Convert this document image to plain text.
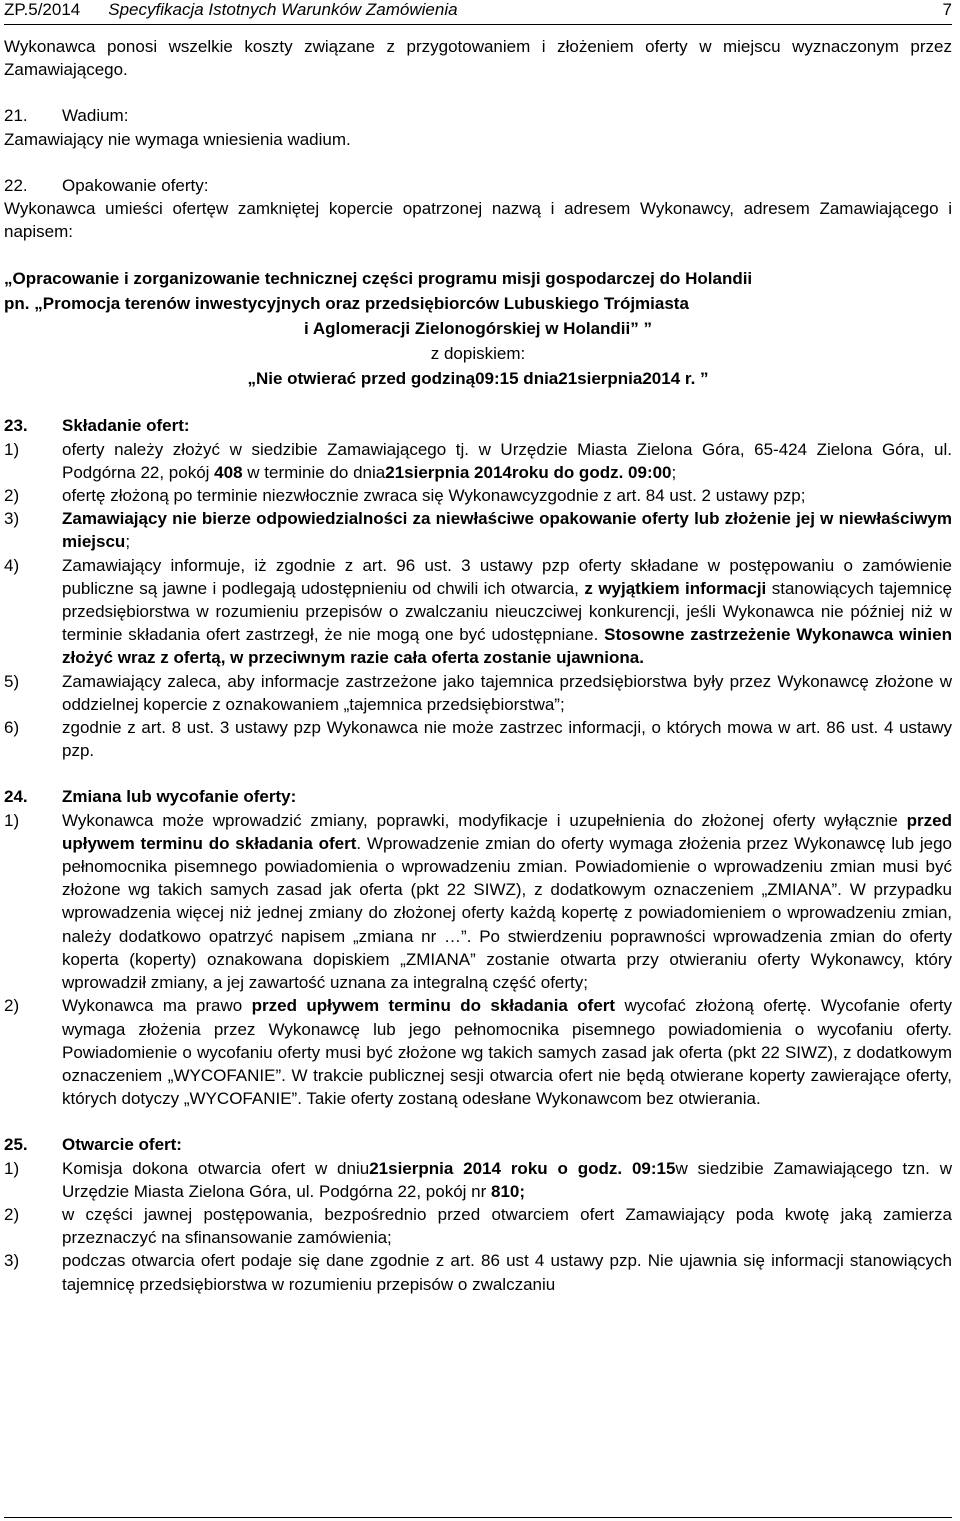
ZP.5/2014 Specyfikacja Istotnych Warunków Zamówienia	7

Wykonawca ponosi wszelkie koszty związane z przygotowaniem i złożeniem oferty w miejscu wyznaczonym przez Zamawiającego.

21.	Wadium:

Zamawiający nie wymaga wniesienia wadium.

22.	Opakowanie oferty:

Wykonawca umieści ofertęw zamkniętej kopercie opatrzonej nazwą i adresem Wykonawcy, adresem Zamawiającego i napisem:

„Opracowanie i zorganizowanie technicznej części programu misji gospodarczej do Holandii

pn. „Promocja terenów inwestycyjnych oraz przedsiębiorców Lubuskiego Trójmiasta

i Aglomeracji Zielonogórskiej w Holandii” ”

z dopiskiem:

„Nie otwierać przed godziną09:15 dnia21sierpnia2014 r. ”

23.	Składanie ofert:
1)	oferty należy złożyć w siedzibie Zamawiającego tj. w Urzędzie Miasta Zielona Góra, 65-424 Zielona Góra, ul. Podgórna 22, pokój 408 w terminie do dnia21sierpnia 2014roku do godz. 09:00;
2)	ofertę złożoną po terminie niezwłocznie zwraca się Wykonawcyzgodnie z art. 84 ust. 2 ustawy pzp;
3)	Zamawiający nie bierze odpowiedzialności za niewłaściwe opakowanie oferty lub złożenie jej w niewłaściwym miejscu;
4)	Zamawiający informuje, iż zgodnie z art. 96 ust. 3 ustawy pzp oferty składane w postępowaniu o zamówienie publiczne są jawne i podlegają udostępnieniu od chwili ich otwarcia, z wyjątkiem informacji stanowiących tajemnicę przedsiębiorstwa w rozumieniu przepisów o zwalczaniu nieuczciwej konkurencji, jeśli Wykonawca nie później niż w terminie składania ofert zastrzegł, że nie mogą one być udostępniane. Stosowne zastrzeżenie Wykonawca winien złożyć wraz z ofertą, w przeciwnym razie cała oferta zostanie ujawniona.
5)	Zamawiający zaleca, aby informacje zastrzeżone jako tajemnica przedsiębiorstwa były przez Wykonawcę złożone w oddzielnej kopercie z oznakowaniem „tajemnica przedsiębiorstwa”;
6)	zgodnie z art. 8 ust. 3 ustawy pzp Wykonawca nie może zastrzec informacji, o których mowa w art. 86 ust. 4 ustawy pzp.
24.	Zmiana lub wycofanie oferty:
1)	Wykonawca może wprowadzić zmiany, poprawki, modyfikacje i uzupełnienia do złożonej oferty wyłącznie przed upływem terminu do składania ofert. Wprowadzenie zmian do oferty wymaga złożenia przez Wykonawcę lub jego pełnomocnika pisemnego powiadomienia o wprowadzeniu zmian. Powiadomienie o wprowadzeniu zmian musi być złożone wg takich samych zasad jak oferta (pkt 22 SIWZ), z dodatkowym oznaczeniem „ZMIANA”. W przypadku wprowadzenia więcej niż jednej zmiany do złożonej oferty każdą kopertę z powiadomieniem o wprowadzeniu zmian, należy dodatkowo opatrzyć napisem „zmiana nr …”. Po stwierdzeniu poprawności wprowadzenia zmian do oferty koperta (koperty) oznakowana dopiskiem „ZMIANA” zostanie otwarta przy otwieraniu oferty Wykonawcy, który wprowadził zmiany, a jej zawartość uznana za integralną część oferty;
2)	Wykonawca ma prawo przed upływem terminu do składania ofert wycofać złożoną ofertę. Wycofanie oferty wymaga złożenia przez Wykonawcę lub jego pełnomocnika pisemnego powiadomienia o wycofaniu oferty. Powiadomienie o wycofaniu oferty musi być złożone wg takich samych zasad jak oferta (pkt 22 SIWZ), z dodatkowym oznaczeniem „WYCOFANIE”. W trakcie publicznej sesji otwarcia ofert nie będą otwierane koperty zawierające oferty, których dotyczy „WYCOFANIE”. Takie oferty zostaną odesłane Wykonawcom bez otwierania.
25.	Otwarcie ofert:
1)	Komisja dokona otwarcia ofert w dniu21sierpnia 2014 roku o godz. 09:15w siedzibie Zamawiającego tzn. w Urzędzie Miasta Zielona Góra, ul. Podgórna 22, pokój nr 810;
2)	w części jawnej postępowania, bezpośrednio przed otwarciem ofert Zamawiający poda kwotę jaką zamierza przeznaczyć na sfinansowanie zamówienia;
3)	podczas otwarcia ofert podaje się dane zgodnie z art. 86 ust 4 ustawy pzp. Nie ujawnia się informacji stanowiących tajemnicę przedsiębiorstwa w rozumieniu przepisów o zwalczaniu
